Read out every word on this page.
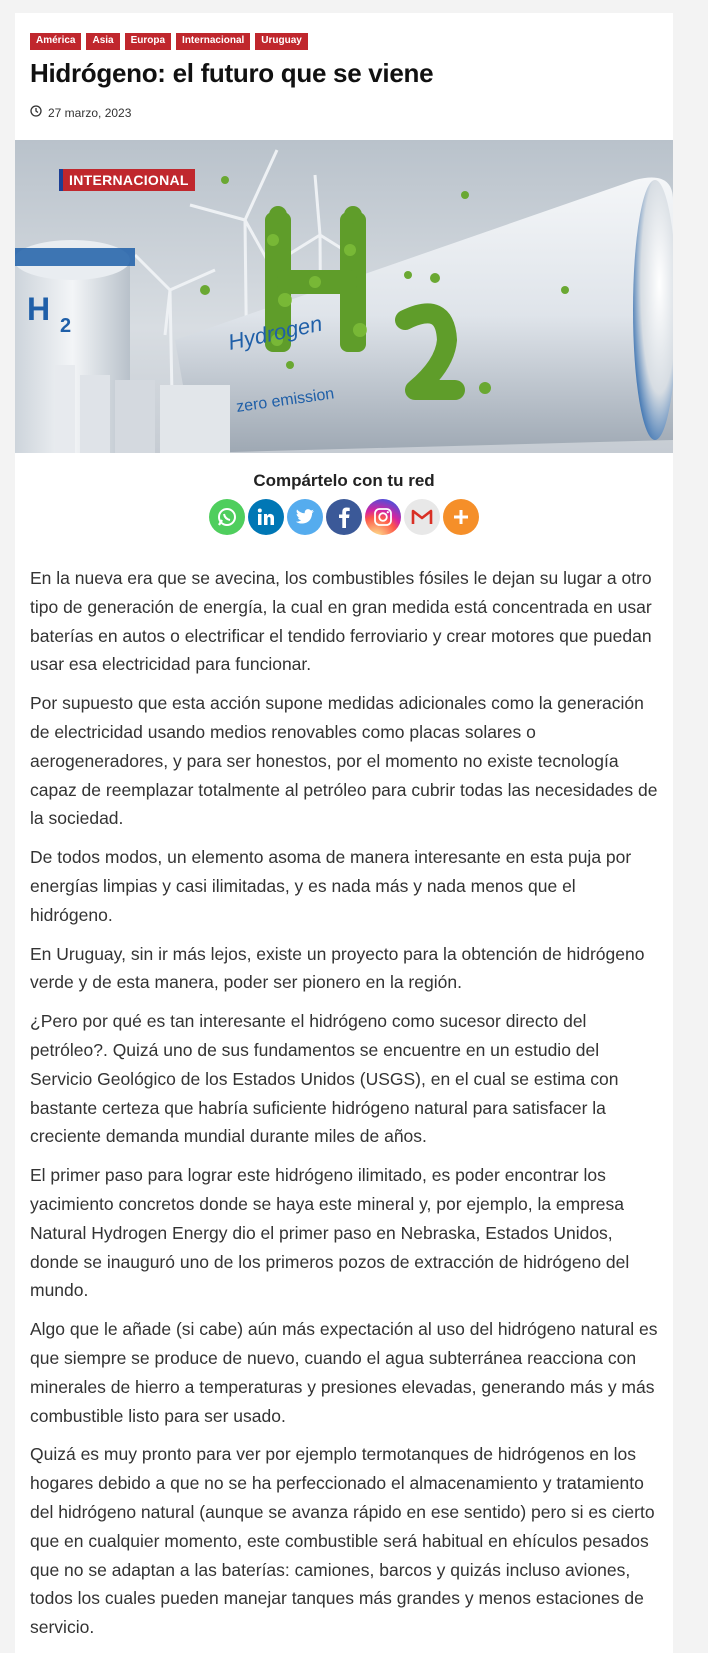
América	Asia	Europa	Internacional	Uruguay
Hidrógeno: el futuro que se viene
27 marzo, 2023
H 2	Hydrogen
zero emission
INTERNACIONAL
Compártelo con tu red

En la nueva era que se avecina, los combustibles fósiles le dejan su lugar a otro tipo de generación de energía, la cual en gran medida está concentrada en usar baterías en autos o electrificar el tendido ferroviario y crear motores que puedan usar esa electricidad para funcionar.

Por supuesto que esta acción supone medidas adicionales como la generación de electricidad usando medios renovables como placas solares o aerogeneradores, y para ser honestos, por el momento no existe tecnología capaz de reemplazar totalmente al petróleo para cubrir todas las necesidades de la sociedad.

De todos modos, un elemento asoma de manera interesante en esta puja por energías limpias y casi ilimitadas, y es nada más y nada menos que el hidrógeno.

En Uruguay, sin ir más lejos, existe un proyecto para la obtención de hidrógeno verde y de esta manera, poder ser pionero en la región.

¿Pero por qué es tan interesante el hidrógeno como sucesor directo del petróleo?. Quizá uno de sus fundamentos se encuentre en un estudio del Servicio Geológico de los Estados Unidos (USGS), en el cual se estima con bastante certeza que habría suficiente hidrógeno natural para satisfacer la creciente demanda mundial durante miles de años.

El primer paso para lograr este hidrógeno ilimitado, es poder encontrar los yacimiento concretos donde se haya este mineral y, por ejemplo, la empresa Natural Hydrogen Energy dio el primer paso en Nebraska, Estados Unidos, donde se inauguró uno de los primeros pozos de extracción de hidrógeno del mundo.

Algo que le añade (si cabe) aún más expectación al uso del hidrógeno natural es que siempre se produce de nuevo, cuando el agua subterránea reacciona con minerales de hierro a temperaturas y presiones elevadas, generando más y más combustible listo para ser usado.

Quizá es muy pronto para ver por ejemplo termotanques de hidrógenos en los hogares debido a que no se ha perfeccionado el almacenamiento y tratamiento del hidrógeno natural (aunque se avanza rápido en ese sentido) pero si es cierto que en cualquier momento, este combustible será habitual en ehículos pesados que no se adaptan a las baterías: camiones, barcos y quizás incluso aviones, todos los cuales pueden manejar tanques más grandes y menos estaciones de servicio.
